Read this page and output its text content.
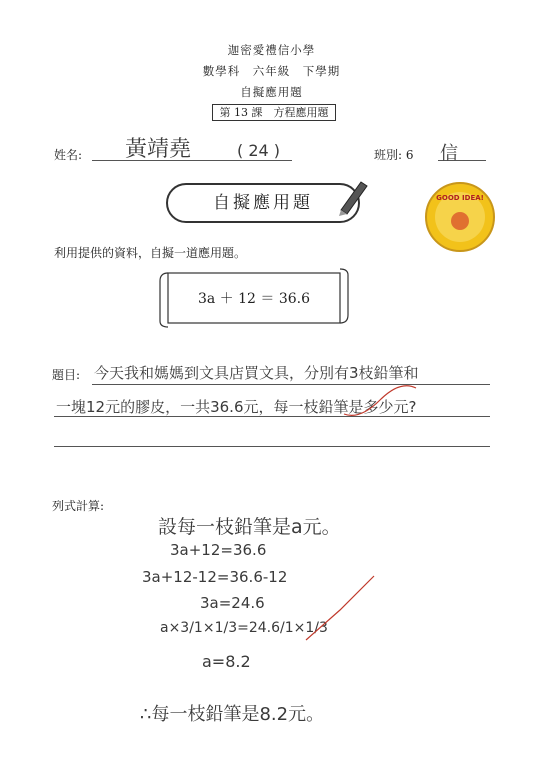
迦密愛禮信小學
數學科　六年級　下學期
自擬應用題
第 13 課　方程應用題
姓名: 黃靖堯	( 24 )	班別: 6 信
自擬應用題	GOOD IDEA!
利用提供的資料，自擬一道應用題。
3a ＋ 12 ＝ 36.6
題目: 今天我和媽媽到文具店買文具，分別有3枝鉛筆和
一塊12元的膠皮，一共36.6元，每一枝鉛筆是多少元?
列式計算:
設每一枝鉛筆是a元。
3a+12=36.6
3a+12-12=36.6-12
3a=24.6
a×3/1×1/3=24.6/1×1/3
a=8.2
∴每一枝鉛筆是8.2元。
